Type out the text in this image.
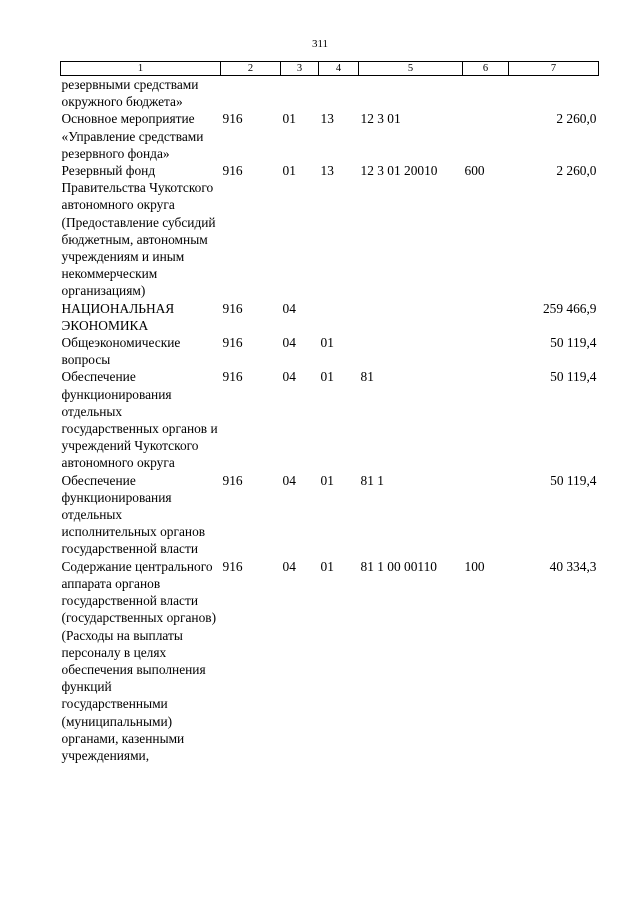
311
1	2	3	4	5	6	7
резервными средствами окружного бюджета»						
Основное мероприятие «Управление средствами резервного фонда»	916	01	13	12 3 01		2 260,0
Резервный фонд Правительства Чукотского автономного округа (Предоставление субсидий бюджетным, автономным учреждениям и иным некоммерческим организациям)	916	01	13	12 3 01 20010	600	2 260,0
НАЦИОНАЛЬНАЯ ЭКОНОМИКА	916	04				259 466,9
Общеэкономические вопросы	916	04	01			50 119,4
Обеспечение функционирования отдельных государственных органов и учреждений Чукотского автономного округа	916	04	01	81		50 119,4
Обеспечение функционирования отдельных исполнительных органов государственной власти	916	04	01	81 1		50 119,4
Содержание центрального аппарата органов государственной власти (государственных органов) (Расходы на выплаты персоналу в целях обеспечения выполнения функций государственными (муниципальными) органами, казенными учреждениями,	916	04	01	81 1 00 00110	100	40 334,3
